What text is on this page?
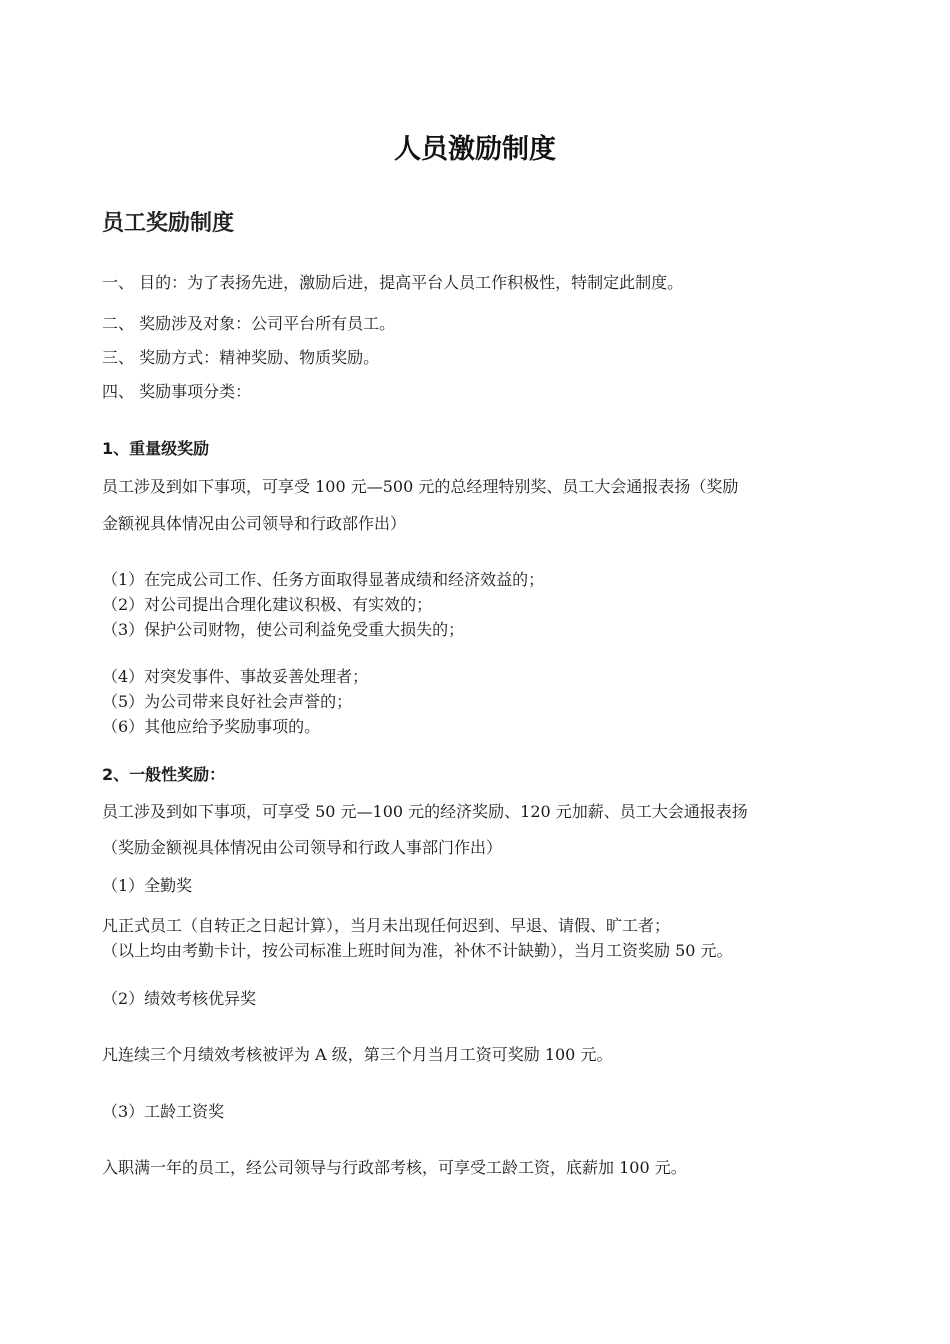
人员激励制度
员工奖励制度
一、 目的：为了表扬先进，激励后进，提高平台人员工作积极性，特制定此制度。
二、 奖励涉及对象：公司平台所有员工。
三、 奖励方式：精神奖励、物质奖励。
四、 奖励事项分类：
1、重量级奖励
员工涉及到如下事项，可享受 100 元—500 元的总经理特别奖、员工大会通报表扬（奖励
金额视具体情况由公司领导和行政部作出）
（1）在完成公司工作、任务方面取得显著成绩和经济效益的；
（2）对公司提出合理化建议积极、有实效的；
（3）保护公司财物，使公司利益免受重大损失的；
（4）对突发事件、事故妥善处理者；
（5）为公司带来良好社会声誉的；
（6）其他应给予奖励事项的。
2、一般性奖励：
员工涉及到如下事项，可享受 50 元—100 元的经济奖励、120 元加薪、员工大会通报表扬
（奖励金额视具体情况由公司领导和行政人事部门作出）
（1）全勤奖
凡正式员工（自转正之日起计算），当月未出现任何迟到、早退、请假、旷工者；
（以上均由考勤卡计，按公司标准上班时间为准，补休不计缺勤），当月工资奖励 50 元。
（2）绩效考核优异奖
凡连续三个月绩效考核被评为 A 级，第三个月当月工资可奖励 100 元。
（3）工龄工资奖
入职满一年的员工，经公司领导与行政部考核，可享受工龄工资，底薪加 100 元。
